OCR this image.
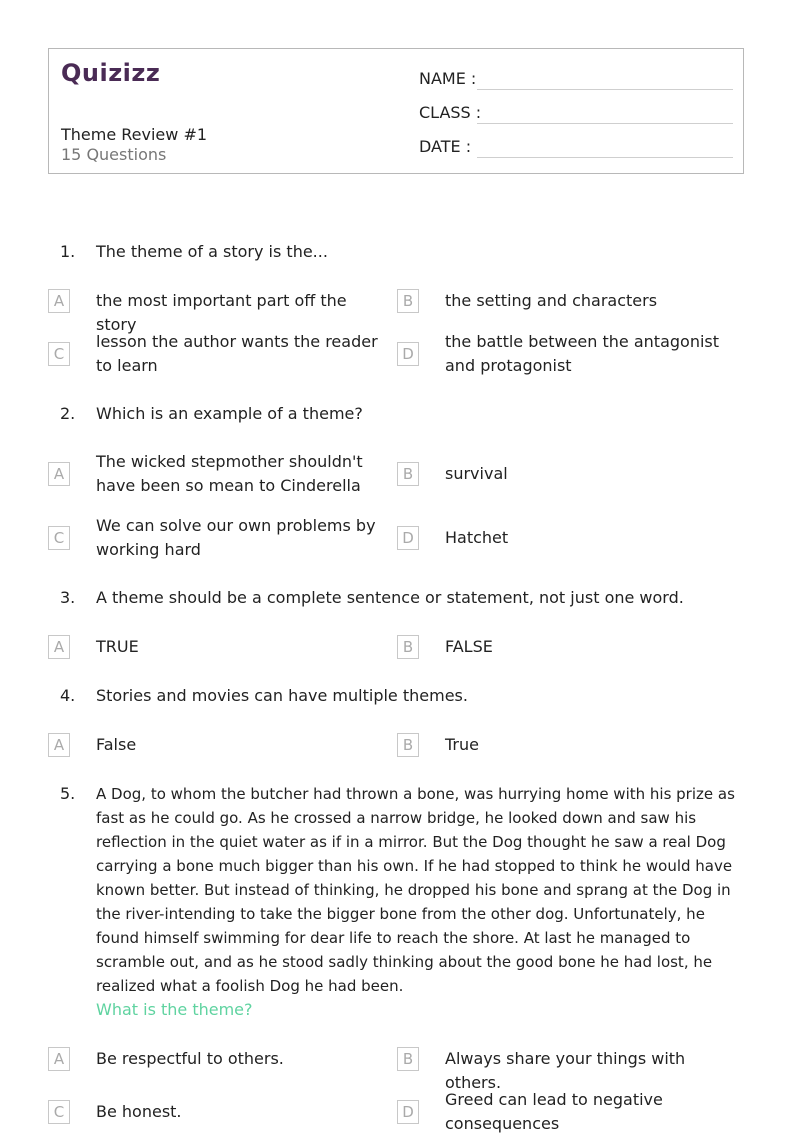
Quizizz
Theme Review #1
15 Questions
NAME :
CLASS :
DATE :
1. The theme of a story is the...
A	the most important part off the story
B	the setting and characters
C
lesson the author wants the reader to learn
D
the battle between the antagonist and protagonist
2. Which is an example of a theme?
A
The wicked stepmother shouldn't have been so mean to Cinderella
B	survival
C
We can solve our own problems by working hard
D	Hatchet
3. A theme should be a complete sentence or statement, not just one word.
A	TRUE	B	FALSE
4. Stories and movies can have multiple themes.
A	False	B	True
5. A Dog, to whom the butcher had thrown a bone, was hurrying home with his prize as fast as he could go. As he crossed a narrow bridge, he looked down and saw his reflection in the quiet water as if in a mirror. But the Dog thought he saw a real Dog carrying a bone much bigger than his own. If he had stopped to think he would have known better. But instead of thinking, he dropped his bone and sprang at the Dog in the river-intending to take the bigger bone from the other dog. Unfortunately, he found himself swimming for dear life to reach the shore. At last he managed to scramble out, and as he stood sadly thinking about the good bone he had lost, he realized what a foolish Dog he had been.
What is the theme?
A	Be respectful to others.	B	Always share your things with others.
C	Be honest.	D
Greed can lead to negative consequences
